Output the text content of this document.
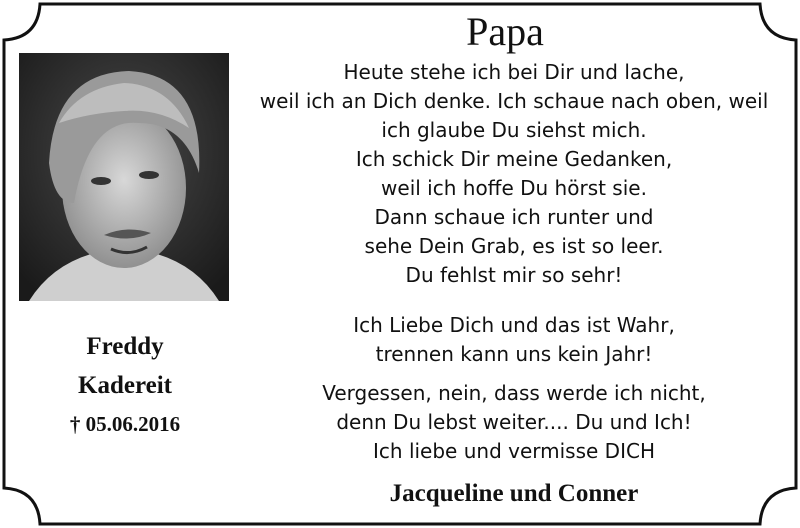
Papa
Heute stehe ich bei Dir und lache,
weil ich an Dich denke. Ich schaue nach oben, weil
ich glaube Du siehst mich.
Ich schick Dir meine Gedanken,
weil ich hoffe Du hörst sie.
Dann schaue ich runter und
sehe Dein Grab, es ist so leer.
Du fehlst mir so sehr!
Ich Liebe Dich und das ist Wahr,
trennen kann uns kein Jahr!
Vergessen, nein, dass werde ich nicht,
denn Du lebst weiter.... Du und Ich!
Ich liebe und vermisse DICH
Freddy
Kadereit
† 05.06.2016
Jacqueline und Conner
